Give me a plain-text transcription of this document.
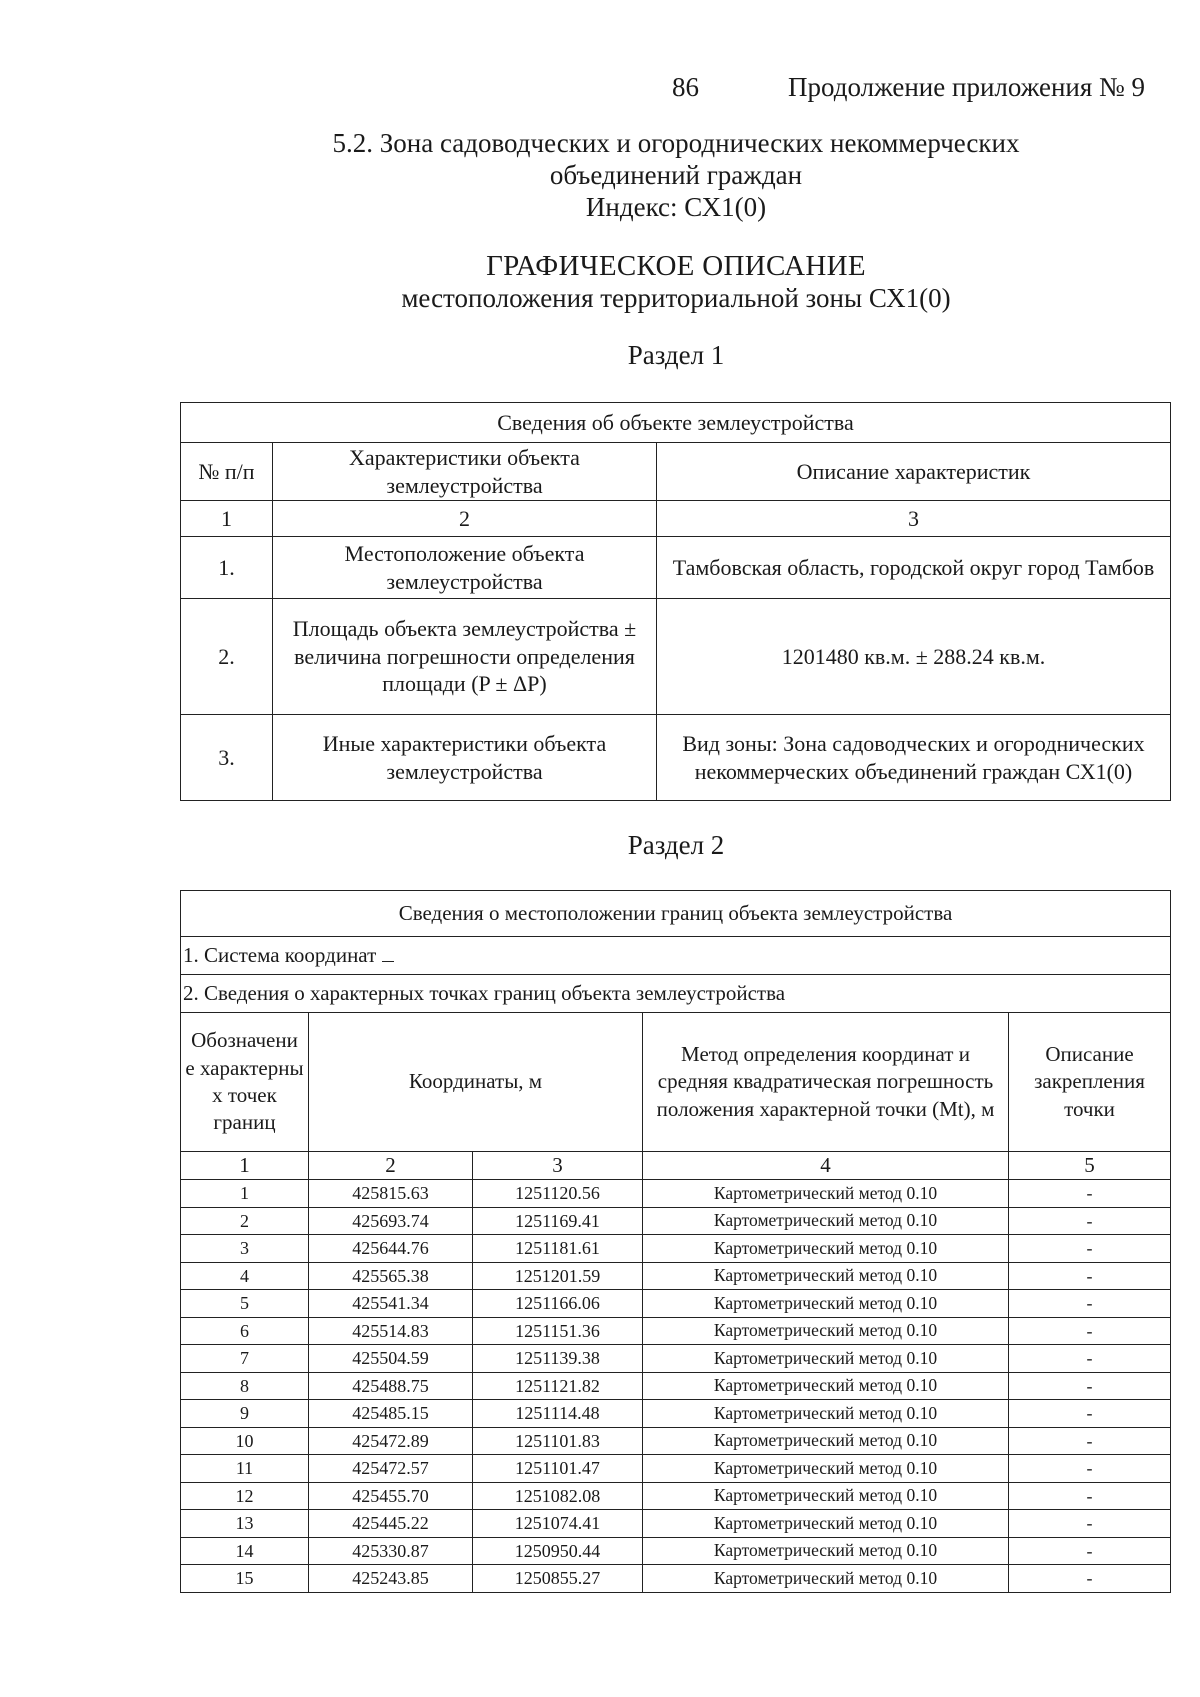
86	Продолжение приложения № 9
5.2. Зона садоводческих и огороднических некоммерческих
объединений граждан
Индекс: СХ1(0)
ГРАФИЧЕСКОЕ ОПИСАНИЕ
местоположения территориальной зоны СХ1(0)
Раздел 1
Сведения об объекте землеустройства		
№ п/п	Характеристики объекта землеустройства	Описание характеристик
1	2	3
1.	Местоположение объекта землеустройства	Тамбовская область, городской округ город Тамбов
2.	Площадь объекта землеустройства ± величина погрешности определения площади (P ± ΔP)	1201480 кв.м. ± 288.24 кв.м.
3.	Иные характеристики объекта землеустройства	Вид зоны: Зона садоводческих и огороднических некоммерческих объединений граждан СХ1(0)
Раздел 2
Сведения о местоположении границ объекта землеустройства				
1. Система координат				
2. Сведения о характерных точках границ объекта землеустройства				
Обозначени е характерны х точек границ	Координаты, м		Метод определения координат и средняя квадратическая погрешность положения характерной точки (Mt), м	Описание закрепления точки
1	2	3	4	5
1	425815.63	1251120.56	Картометрический метод 0.10	-
2	425693.74	1251169.41	Картометрический метод 0.10	-
3	425644.76	1251181.61	Картометрический метод 0.10	-
4	425565.38	1251201.59	Картометрический метод 0.10	-
5	425541.34	1251166.06	Картометрический метод 0.10	-
6	425514.83	1251151.36	Картометрический метод 0.10	-
7	425504.59	1251139.38	Картометрический метод 0.10	-
8	425488.75	1251121.82	Картометрический метод 0.10	-
9	425485.15	1251114.48	Картометрический метод 0.10	-
10	425472.89	1251101.83	Картометрический метод 0.10	-
11	425472.57	1251101.47	Картометрический метод 0.10	-
12	425455.70	1251082.08	Картометрический метод 0.10	-
13	425445.22	1251074.41	Картометрический метод 0.10	-
14	425330.87	1250950.44	Картометрический метод 0.10	-
15	425243.85	1250855.27	Картометрический метод 0.10	-
